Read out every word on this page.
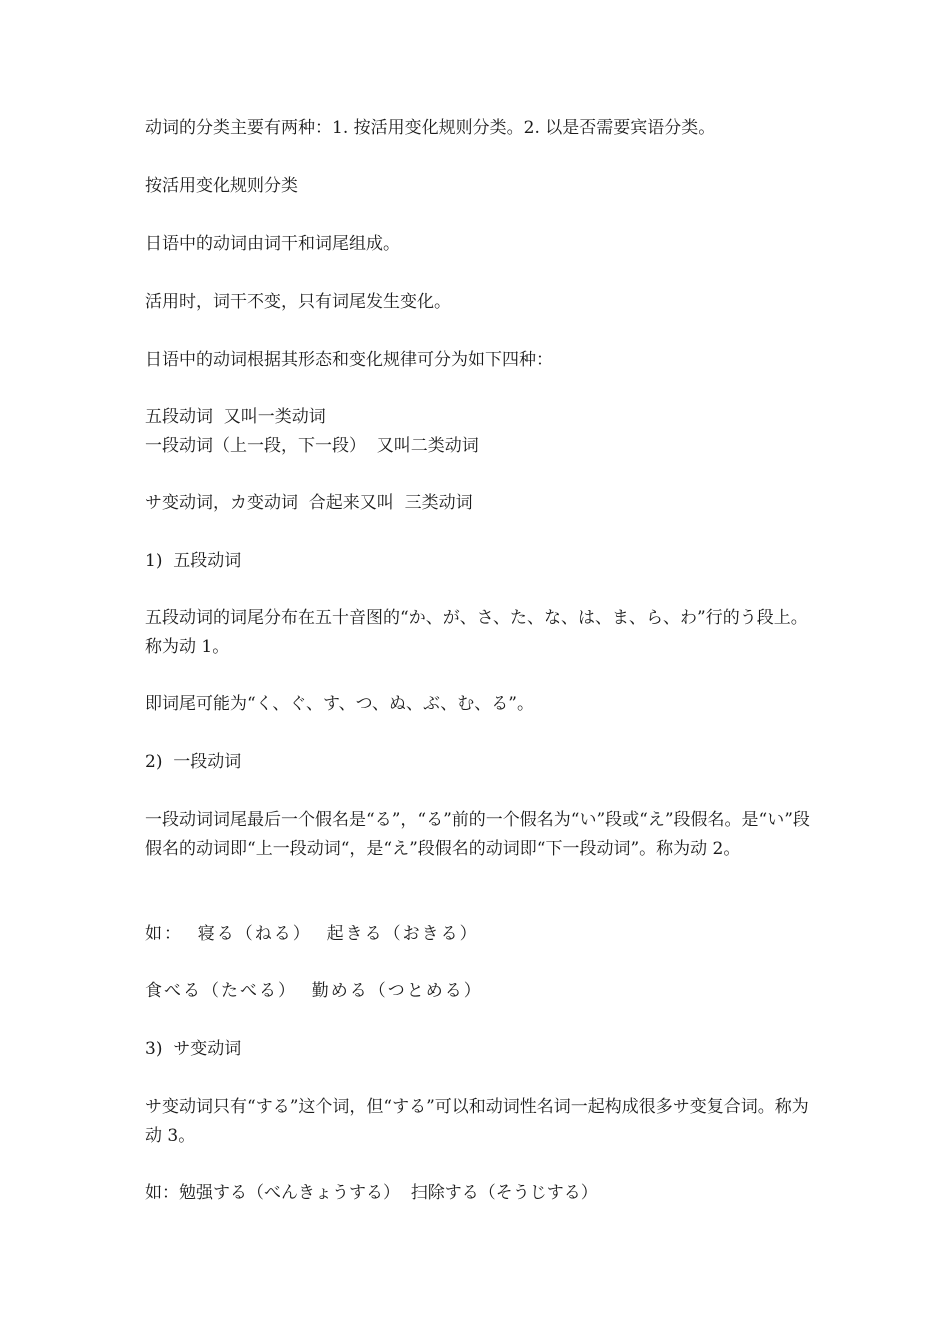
动词的分类主要有两种：1. 按活用变化规则分类。2. 以是否需要宾语分类。

按活用变化规则分类

日语中的动词由词干和词尾组成。

活用时，词干不变，只有词尾发生变化。

日语中的动词根据其形态和变化规律可分为如下四种：

五段动词  又叫一类动词
一段动词（上一段，下一段）  又叫二类动词

サ变动词，カ变动词  合起来又叫  三类动词

1)  五段动词

五段动词的词尾分布在五十音图的“か、が、さ、た、な、は、ま、ら、わ”行的う段上。称为动 1。

即词尾可能为“く、ぐ、す、つ、ぬ、ぶ、む、る”。

2)  一段动词

一段动词词尾最后一个假名是“る”，“る”前的一个假名为“い”段或“え”段假名。是“い”段假名的动词即“上一段动词“，是“え”段假名的动词即“下一段动词”。称为动 2。

如：  寝る（ねる）  起きる（おきる）

食べる（たべる）  勤める（つとめる）

3)  サ变动词

サ变动词只有“する”这个词，但“する”可以和动词性名词一起构成很多サ变复合词。称为动 3。

如：勉强する（べんきょうする）  扫除する（そうじする）
